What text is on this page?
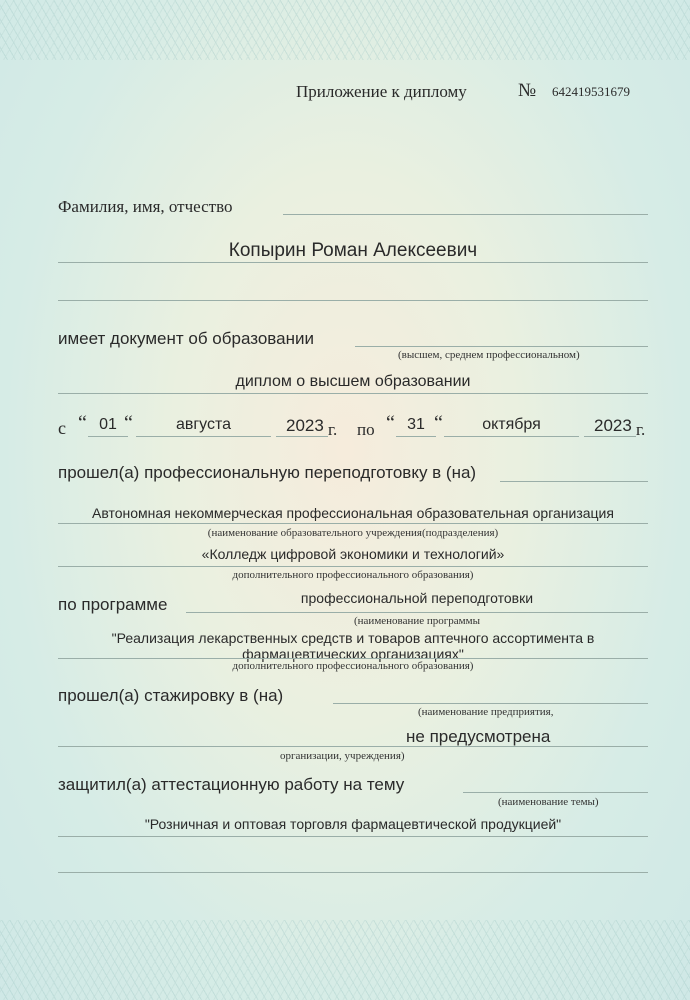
Приложение к диплому	№ 642419531679
Фамилия, имя, отчество
Копырин Роман Алексеевич
имеет документ об образовании
(высшем, среднем профессиональном)
диплом о высшем образовании
с “ 01 “	августа	2023 г. по “ 31 “	октября	2023 г.
прошел(а) профессиональную переподготовку в (на)
Автономная некоммерческая профессиональная образовательная организация
(наименование образовательного учреждения(подразделения)
«Колледж цифровой экономики и технологий»
дополнительного профессионального образования)
по программе	профессиональной переподготовки
(наименование программы
"Реализация лекарственных средств и товаров аптечного ассортимента в
фармацевтических организациях"
дополнительного профессионального образования)
прошел(а) стажировку в (на)
(наименование предприятия,
не предусмотрена
организации, учреждения)
защитил(а) аттестационную работу на тему
(наименование темы)
"Розничная и оптовая торговля фармацевтической продукцией"
